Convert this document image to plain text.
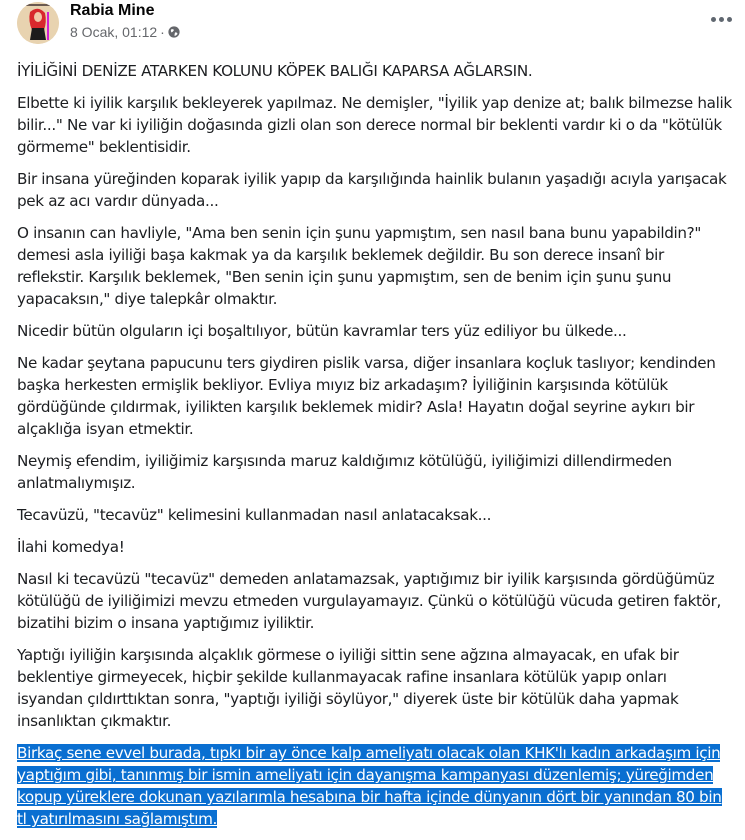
Rabia Mine
8 Ocak, 01:12 ·

İYİLİĞİNİ DENİZE ATARKEN KOLUNU KÖPEK BALIĞI KAPARSA AĞLARSIN.

Elbette ki iyilik karşılık bekleyerek yapılmaz. Ne demişler, "İyilik yap denize at; balık bilmezse halik bilir..." Ne var ki iyiliğin doğasında gizli olan son derece normal bir beklenti vardır ki o da "kötülük görmeme" beklentisidir.

Bir insana yüreğinden koparak iyilik yapıp da karşılığında hainlik bulanın yaşadığı acıyla yarışacak pek az acı vardır dünyada...

O insanın can havliyle, "Ama ben senin için şunu yapmıştım, sen nasıl bana bunu yapabildin?" demesi asla iyiliği başa kakmak ya da karşılık beklemek değildir. Bu son derece insanî bir reflekstir. Karşılık beklemek, "Ben senin için şunu yapmıştım, sen de benim için şunu şunu yapacaksın," diye talepkâr olmaktır.

Nicedir bütün olguların içi boşaltılıyor, bütün kavramlar ters yüz ediliyor bu ülkede...

Ne kadar şeytana papucunu ters giydiren pislik varsa, diğer insanlara koçluk taslıyor; kendinden başka herkesten ermişlik bekliyor. Evliya mıyız biz arkadaşım? İyiliğinin karşısında kötülük gördüğünde çıldırmak, iyilikten karşılık beklemek midir? Asla! Hayatın doğal seyrine aykırı bir alçaklığa isyan etmektir.

Neymiş efendim, iyiliğimiz karşısında maruz kaldığımız kötülüğü, iyiliğimizi dillendirmeden anlatmalıymışız.

Tecavüzü, "tecavüz" kelimesini kullanmadan nasıl anlatacaksak...

İlahi komedya!

Nasıl ki tecavüzü "tecavüz" demeden anlatamazsak, yaptığımız bir iyilik karşısında gördüğümüz kötülüğü de iyiliğimizi mevzu etmeden vurgulayamayız. Çünkü o kötülüğü vücuda getiren faktör, bizatihi bizim o insana yaptığımız iyiliktir.

Yaptığı iyiliğin karşısında alçaklık görmese o iyiliği sittin sene ağzına almayacak, en ufak bir beklentiye girmeyecek, hiçbir şekilde kullanmayacak rafine insanlara kötülük yapıp onları isyandan çıldırttıktan sonra, "yaptığı iyiliği söylüyor," diyerek üste bir kötülük daha yapmak insanlıktan çıkmaktır.

Birkaç sene evvel burada, tıpkı bir ay önce kalp ameliyatı olacak olan KHK'lı kadın arkadaşım için yaptığım gibi, tanınmış bir ismin ameliyatı için dayanışma kampanyası düzenlemiş; yüreğimden kopup yüreklere dokunan yazılarımla hesabına bir hafta içinde dünyanın dört bir yanından 80 bin tl yatırılmasını sağlamıştım.
